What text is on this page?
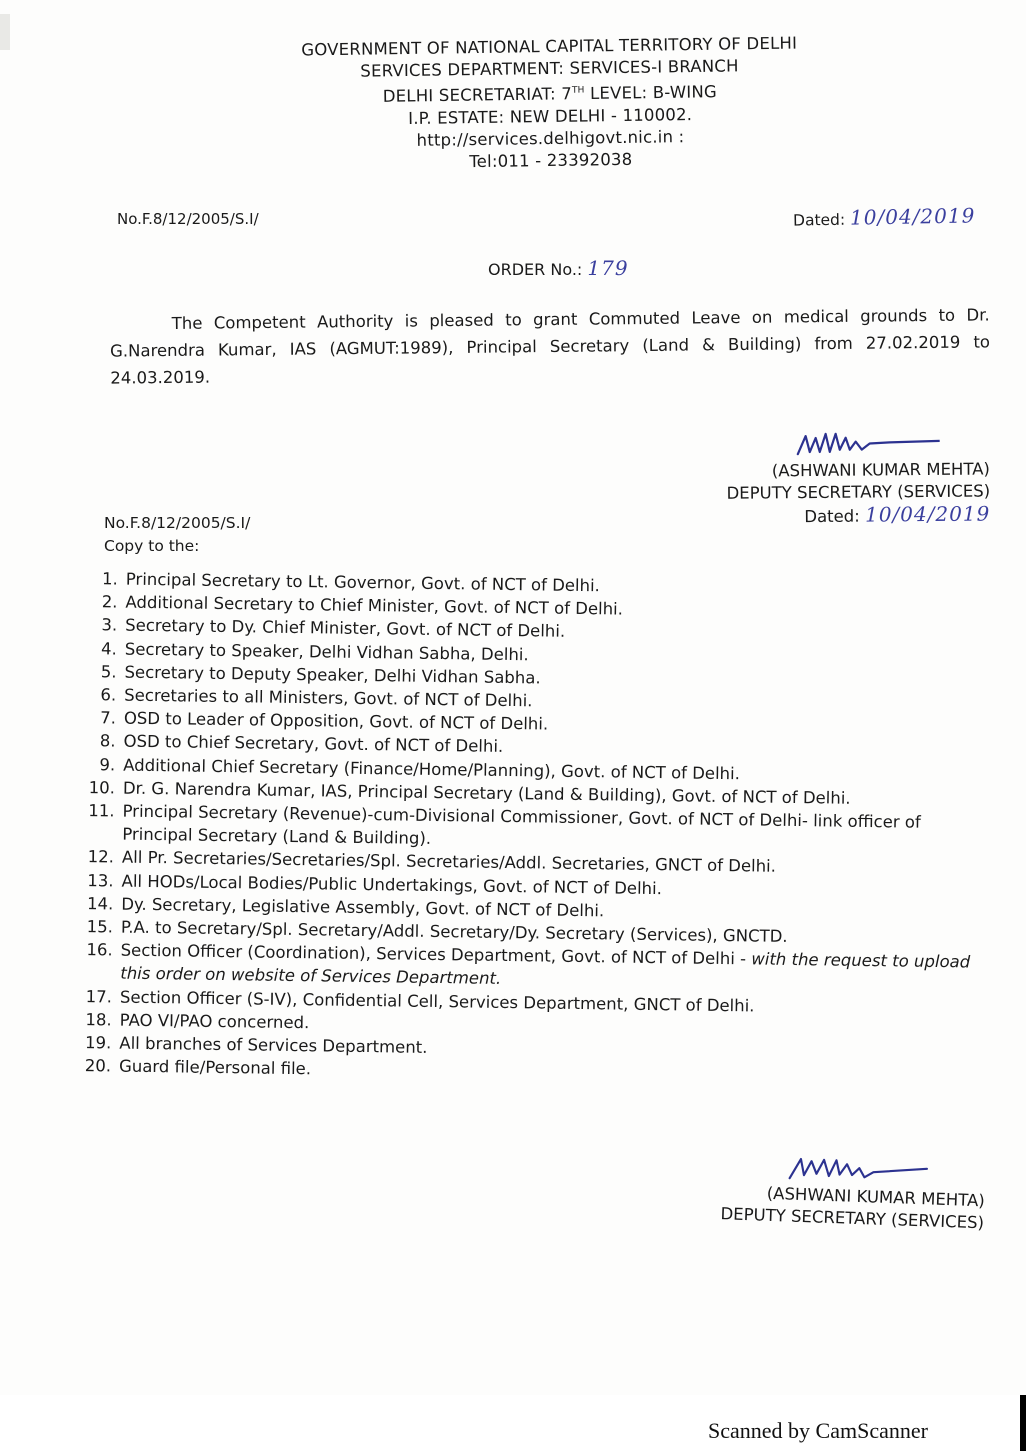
GOVERNMENT OF NATIONAL CAPITAL TERRITORY OF DELHI
SERVICES DEPARTMENT: SERVICES-I BRANCH
DELHI SECRETARIAT: 7TH LEVEL: B-WING
I.P. ESTATE: NEW DELHI - 110002.
http://services.delhigovt.nic.in :
Tel:011 - 23392038
No.F.8/12/2005/S.I/	Dated: 10/04/2019
ORDER No.: 179
The Competent Authority is pleased to grant Commuted Leave on medical grounds to Dr. G.Narendra Kumar, IAS (AGMUT:1989), Principal Secretary (Land & Building) from 27.02.2019 to 24.03.2019.
(ASHWANI KUMAR MEHTA)
DEPUTY SECRETARY (SERVICES)
Dated: 10/04/2019
No.F.8/12/2005/S.I/
Copy to the:
1. Principal Secretary to Lt. Governor, Govt. of NCT of Delhi.
2. Additional Secretary to Chief Minister, Govt. of NCT of Delhi.
3. Secretary to Dy. Chief Minister, Govt. of NCT of Delhi.
4. Secretary to Speaker, Delhi Vidhan Sabha, Delhi.
5. Secretary to Deputy Speaker, Delhi Vidhan Sabha.
6. Secretaries to all Ministers, Govt. of NCT of Delhi.
7. OSD to Leader of Opposition, Govt. of NCT of Delhi.
8. OSD to Chief Secretary, Govt. of NCT of Delhi.
9. Additional Chief Secretary (Finance/Home/Planning), Govt. of NCT of Delhi.
10. Dr. G. Narendra Kumar, IAS, Principal Secretary (Land & Building), Govt. of NCT of Delhi.
11. Principal Secretary (Revenue)-cum-Divisional Commissioner, Govt. of NCT of Delhi- link officer of Principal Secretary (Land & Building).
12. All Pr. Secretaries/Secretaries/Spl. Secretaries/Addl. Secretaries, GNCT of Delhi.
13. All HODs/Local Bodies/Public Undertakings, Govt. of NCT of Delhi.
14. Dy. Secretary, Legislative Assembly, Govt. of NCT of Delhi.
15. P.A. to Secretary/Spl. Secretary/Addl. Secretary/Dy. Secretary (Services), GNCTD.
16. Section Officer (Coordination), Services Department, Govt. of NCT of Delhi - with the request to upload this order on website of Services Department.
17. Section Officer (S-IV), Confidential Cell, Services Department, GNCT of Delhi.
18. PAO VI/PAO concerned.
19. All branches of Services Department.
20. Guard file/Personal file.
(ASHWANI KUMAR MEHTA)
DEPUTY SECRETARY (SERVICES)
Scanned by CamScanner
